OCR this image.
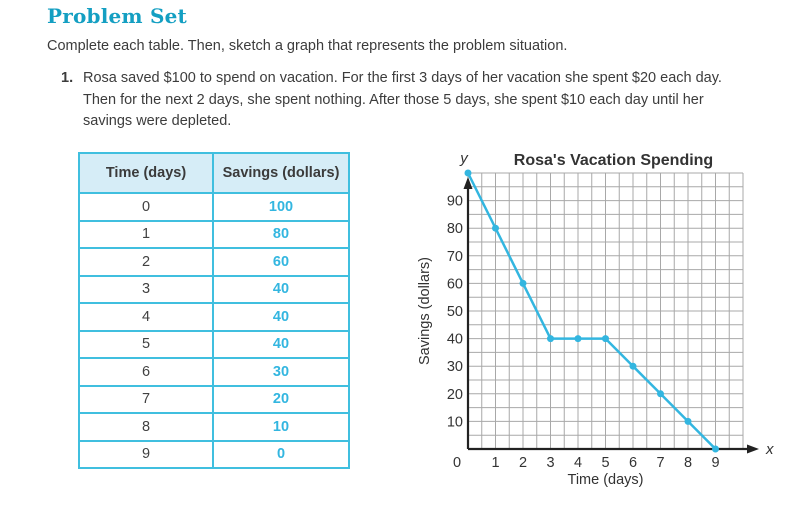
Problem Set

Complete each table. Then, sketch a graph that represents the problem situation.

1. Rosa saved $100 to spend on vacation. For the first 3 days of her vacation she spent $20 each day.
Then for the next 2 days, she spent nothing. After those 5 days, she spent $10 each day until her
savings were depleted.
Time (days)	Savings (dollars)
0	100
1	80
2	60
3	40
4	40
5	40
6	30
7	20
8	10
9	0
y
x
Rosa's Vacation Spending
Time (days)
Savings (dollars)
10
20
30
40
50
60
70
80
90
0 1 2 3 4 5 6 7 8 9
